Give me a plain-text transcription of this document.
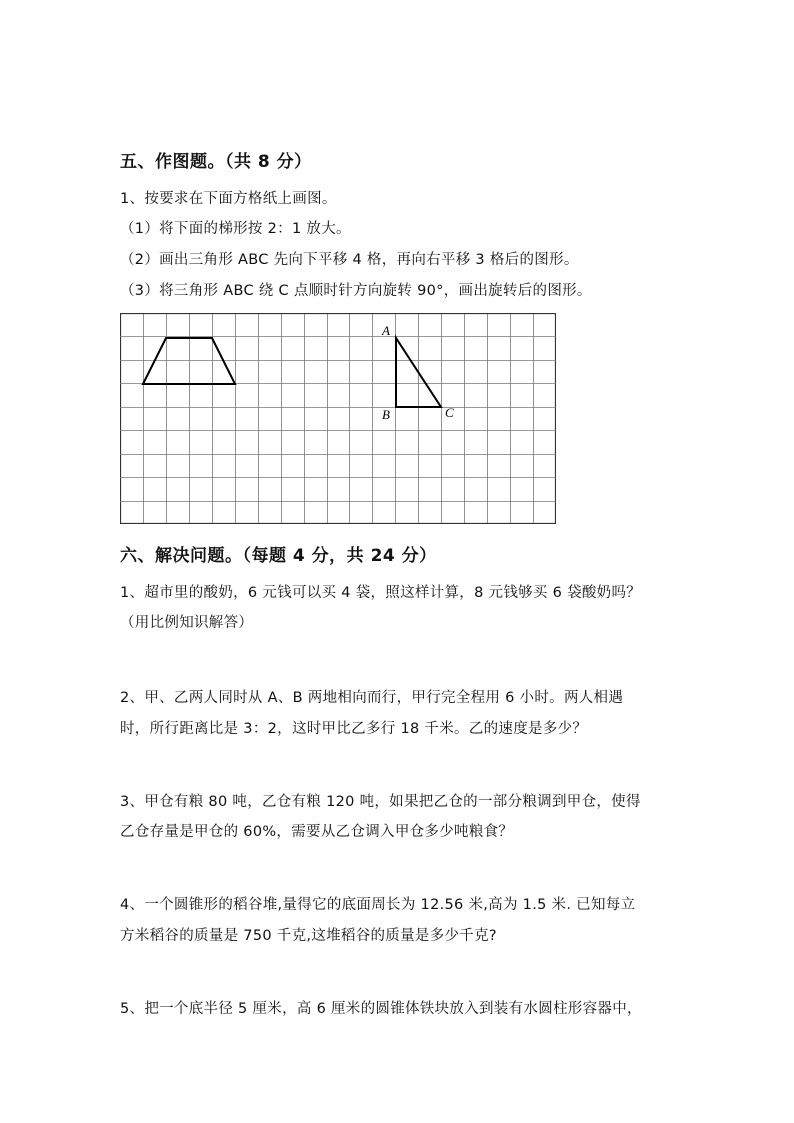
五、作图题。（共 8 分）
1、按要求在下面方格纸上画图。
（1）将下面的梯形按 2：1 放大。
（2）画出三角形 ABC 先向下平移 4 格，再向右平移 3 格后的图形。
（3）将三角形 ABC 绕 C 点顺时针方向旋转 90°，画出旋转后的图形。
A
B	C
六、解决问题。（每题 4 分，共 24 分）
1、超市里的酸奶，6 元钱可以买 4 袋，照这样计算，8 元钱够买 6 袋酸奶吗？
（用比例知识解答）
2、甲、乙两人同时从 A、B 两地相向而行，甲行完全程用 6 小时。两人相遇
时，所行距离比是 3：2，这时甲比乙多行 18 千米。乙的速度是多少？
3、甲仓有粮 80 吨，乙仓有粮 120 吨，如果把乙仓的一部分粮调到甲仓，使得
乙仓存量是甲仓的 60%，需要从乙仓调入甲仓多少吨粮食？
4、一个圆锥形的稻谷堆,量得它的底面周长为 12.56 米,高为 1.5 米. 已知每立
方米稻谷的质量是 750 千克,这堆稻谷的质量是多少千克?
5、把一个底半径 5 厘米，高 6 厘米的圆锥体铁块放入到装有水圆柱形容器中，
